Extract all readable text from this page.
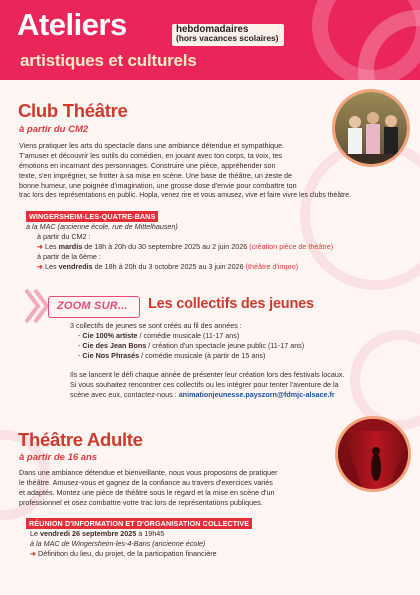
Ateliers	hebdomadaires
(hors vacances scolaires)
artistiques et culturels
Club Théâtre
à partir du CM2
Viens pratiquer les arts du spectacle dans une ambiance détendue et sympathique.
T'amuser et découvrir les outils du comédien, en jouant avec ton corps, ta voix, tes
émotions en incarnant des personnages. Construire une pièce, appréhender son
texte, s'en imprégner, se frotter à sa mise en scène. Une base de théâtre, un zeste de
bonne humeur, une poignée d'imagination, une grosse dose d'envie pour combattre ton
trac lors des représentations en public. Hopla, venez rire et vous amusez, vive et faire vivre les clubs théâtre.
WINGERSHEIM-LES-QUATRE-BANS
à la MAC (ancienne école, rue de Mittelhausen)
à partir du CM2 :
➜ Les mardis de 18h à 20h du 30 septembre 2025 au 2 juin 2026 (création pièce de théâtre)
à partir de la 6ème :
➜ Les vendredis de 18h à 20h du 3 octobre 2025 au 3 juin 2026 (théâtre d'impro)
ZOOM SUR... Les collectifs des jeunes
3 collectifs de jeunes se sont créés au fil des années :
- Cie 100% artiste / comédie musicale (11-17 ans)
- Cie des Jean Bons / création d'un spectacle jeune public (11-17 ans)
- Cie Nos Phrasés / comédie musicale (à partir de 15 ans)
Ils se lancent le défi chaque année de présenter leur création lors des festivals locaux.
Si vous souhaitez rencontrer ces collectifs ou les intégrer pour tenter l'aventure de la
scène avec eux, contactez-nous : animationjeunesse.payszorn@fdmjc-alsace.fr
Théâtre Adulte
à partir de 16 ans
Dans une ambiance détendue et bienveillante, nous vous proposons de pratiquer
le théâtre. Amusez-vous et gagnez de la confiance au travers d'exercices variés
et adaptés. Montez une pièce de théâtre sous le regard et la mise en scène d'un
professionnel et osez combattre votre trac lors de représentations publiques.
RÉUNION D'INFORMATION ET D'ORGANISATION COLLECTIVE
Le vendredi 26 septembre 2025 à 19h45
à la MAC de Wingersheim-les-4-Bans (ancienne école)
➜ Définition du lieu, du projet, de la participation financière
